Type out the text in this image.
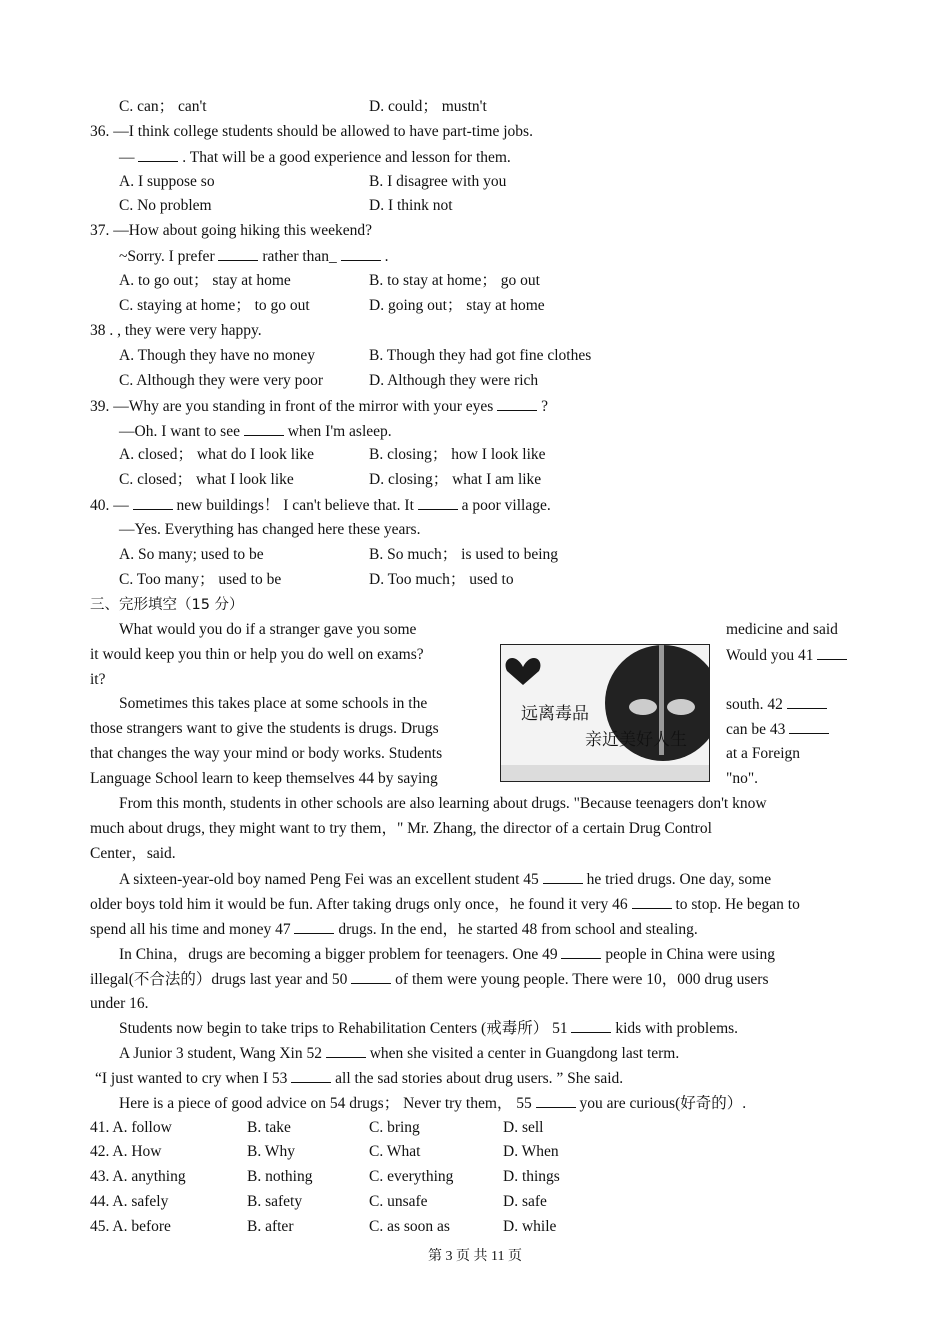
C. can； can't	D. could； mustn't
36. —I think college students should be allowed to have part-time jobs.
—	. That will be a good experience and lesson for them.
A. I suppose so	B. I disagree with you
C. No problem	D. I think not
37. —How about going hiking this weekend?
~Sorry. I prefer	rather than_	.
A. to go out； stay at home	B. to stay at home； go out
C. staying at home； to go out	D. going out； stay at home
38 . , they were very happy.
A. Though they have no money	B. Though they had got fine clothes
C. Although they were very poor	D. Although they were rich
39. —Why are you standing in front of the mirror with your eyes	?
—Oh. I want to see	when I'm asleep.
A. closed； what do I look like	B. closing； how I look like
C. closed； what I look like	D. closing； what I am like
40. —	new buildings！ I can't believe that. It	a poor village.
—Yes. Everything has changed here these years.
A. So many; used to be	B. So much； is used to being
C. Too many； used to be	D. Too much； used to
三、完形填空（15 分）
What would you do if a stranger gave you some	medicine and said
it would keep you thin or help you do well on exams?	Would you 41
it?
Sometimes this takes place at some schools in the	south. 42
those strangers want to give the students is drugs. Drugs	can be 43
that changes the way your mind or body works. Students	at a Foreign
Language School learn to keep themselves 44 by saying	"no".
远离毒品
亲近美好人生
From this month, students in other schools are also learning about drugs. "Because teenagers don't know
much about drugs, they might want to try them，" Mr. Zhang, the director of a certain Drug Control
Center，said.
A sixteen-year-old boy named Peng Fei was an excellent student 45	he tried drugs. One day, some
older boys told him it would be fun. After taking drugs only once，he found it very 46	to stop. He began to
spend all his time and money 47	drugs. In the end，he started 48 from school and stealing.
In China，drugs are becoming a bigger problem for teenagers. One 49	people in China were using
illegal(不合法的）drugs last year and 50	of them were young people. There were 10，000 drug users
under 16.
Students now begin to take trips to Rehabilitation Centers (戒毒所） 51	kids with problems.
A Junior 3 student, Wang Xin 52	when she visited a center in Guangdong last term.
“I just wanted to cry when I 53	all the sad stories about drug users. ” She said.
Here is a piece of good advice on 54 drugs； Never try them， 55	you are curious(好奇的）.
41. A. follow	B. take	C. bring	D. sell
42. A. How	B. Why	C. What	D. When
43. A. anything	B. nothing	C. everything	D. things
44. A. safely	B. safety	C. unsafe	D. safe
45. A. before	B. after	C. as soon as	D. while
第 3 页 共 11 页
